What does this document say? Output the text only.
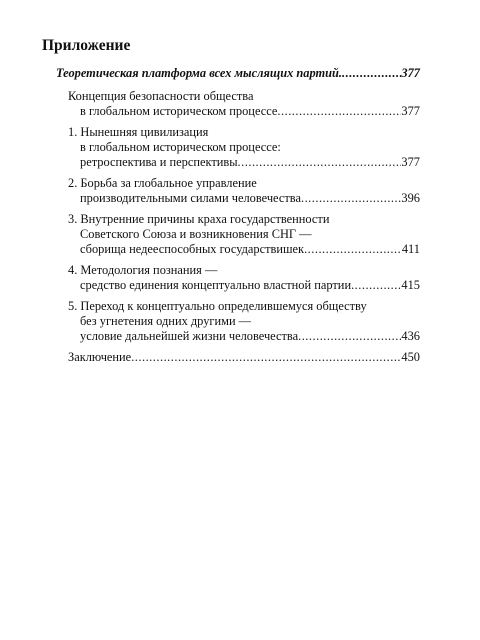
Приложение
Теоретическая платформа всех мыслящих партий. .....	377
Концепция безопасности общества
в глобальном историческом процессе .....	377
1. Нынешняя цивилизация
в глобальном историческом процессе:
ретроспектива и перспективы .....	377
2. Борьба за глобальное управление
производительными силами человечества .....	396
3. Внутренние причины краха государственности
Советского Союза и возникновения СНГ —
сборища недееспособных государствишек .....	411
4. Методология познания —
средство единения концептуально властной партии .....	415
5. Переход к концептуально определившемуся обществу
без угнетения одних другими —
условие дальнейшей жизни человечества .....	436
Заключение .....	450
